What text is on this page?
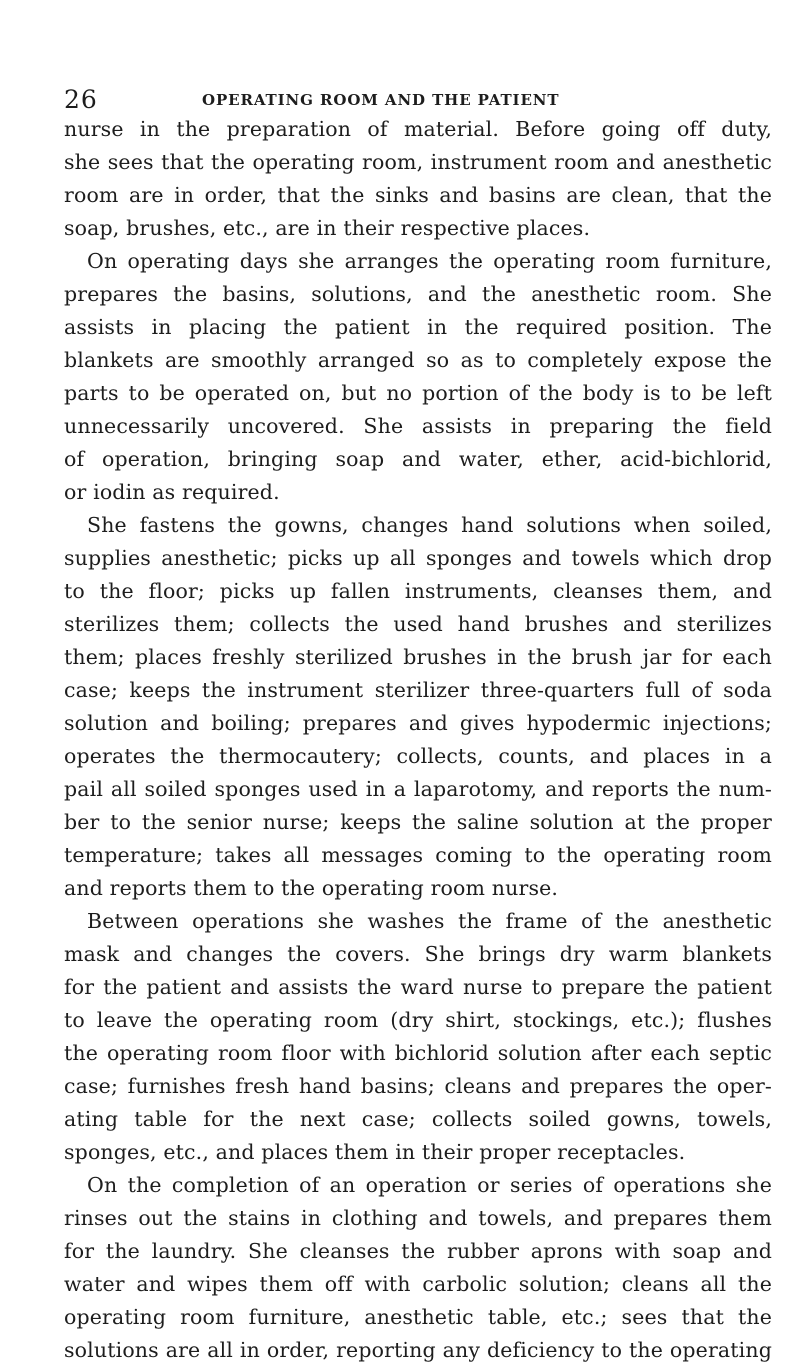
26	OPERATING ROOM AND THE PATIENT
nurse in the preparation of material. Before going off duty,
she sees that the operating room, instrument room and anesthetic
room are in order, that the sinks and basins are clean, that the
soap, brushes, etc., are in their respective places.
On operating days she arranges the operating room furniture,
prepares the basins, solutions, and the anesthetic room. She
assists in placing the patient in the required position. The
blankets are smoothly arranged so as to completely expose the
parts to be operated on, but no portion of the body is to be left
unnecessarily uncovered. She assists in preparing the field
of operation, bringing soap and water, ether, acid-bichlorid,
or iodin as required.
She fastens the gowns, changes hand solutions when soiled,
supplies anesthetic; picks up all sponges and towels which drop
to the floor; picks up fallen instruments, cleanses them, and
sterilizes them; collects the used hand brushes and sterilizes
them; places freshly sterilized brushes in the brush jar for each
case; keeps the instrument sterilizer three-quarters full of soda
solution and boiling; prepares and gives hypodermic injections;
operates the thermocautery; collects, counts, and places in a
pail all soiled sponges used in a laparotomy, and reports the num-
ber to the senior nurse; keeps the saline solution at the proper
temperature; takes all messages coming to the operating room
and reports them to the operating room nurse.
Between operations she washes the frame of the anesthetic
mask and changes the covers. She brings dry warm blankets
for the patient and assists the ward nurse to prepare the patient
to leave the operating room (dry shirt, stockings, etc.); flushes
the operating room floor with bichlorid solution after each septic
case; furnishes fresh hand basins; cleans and prepares the oper-
ating table for the next case; collects soiled gowns, towels,
sponges, etc., and places them in their proper receptacles.
On the completion of an operation or series of operations she
rinses out the stains in clothing and towels, and prepares them
for the laundry. She cleanses the rubber aprons with soap and
water and wipes them off with carbolic solution; cleans all the
operating room furniture, anesthetic table, etc.; sees that the
solutions are all in order, reporting any deficiency to the operating
